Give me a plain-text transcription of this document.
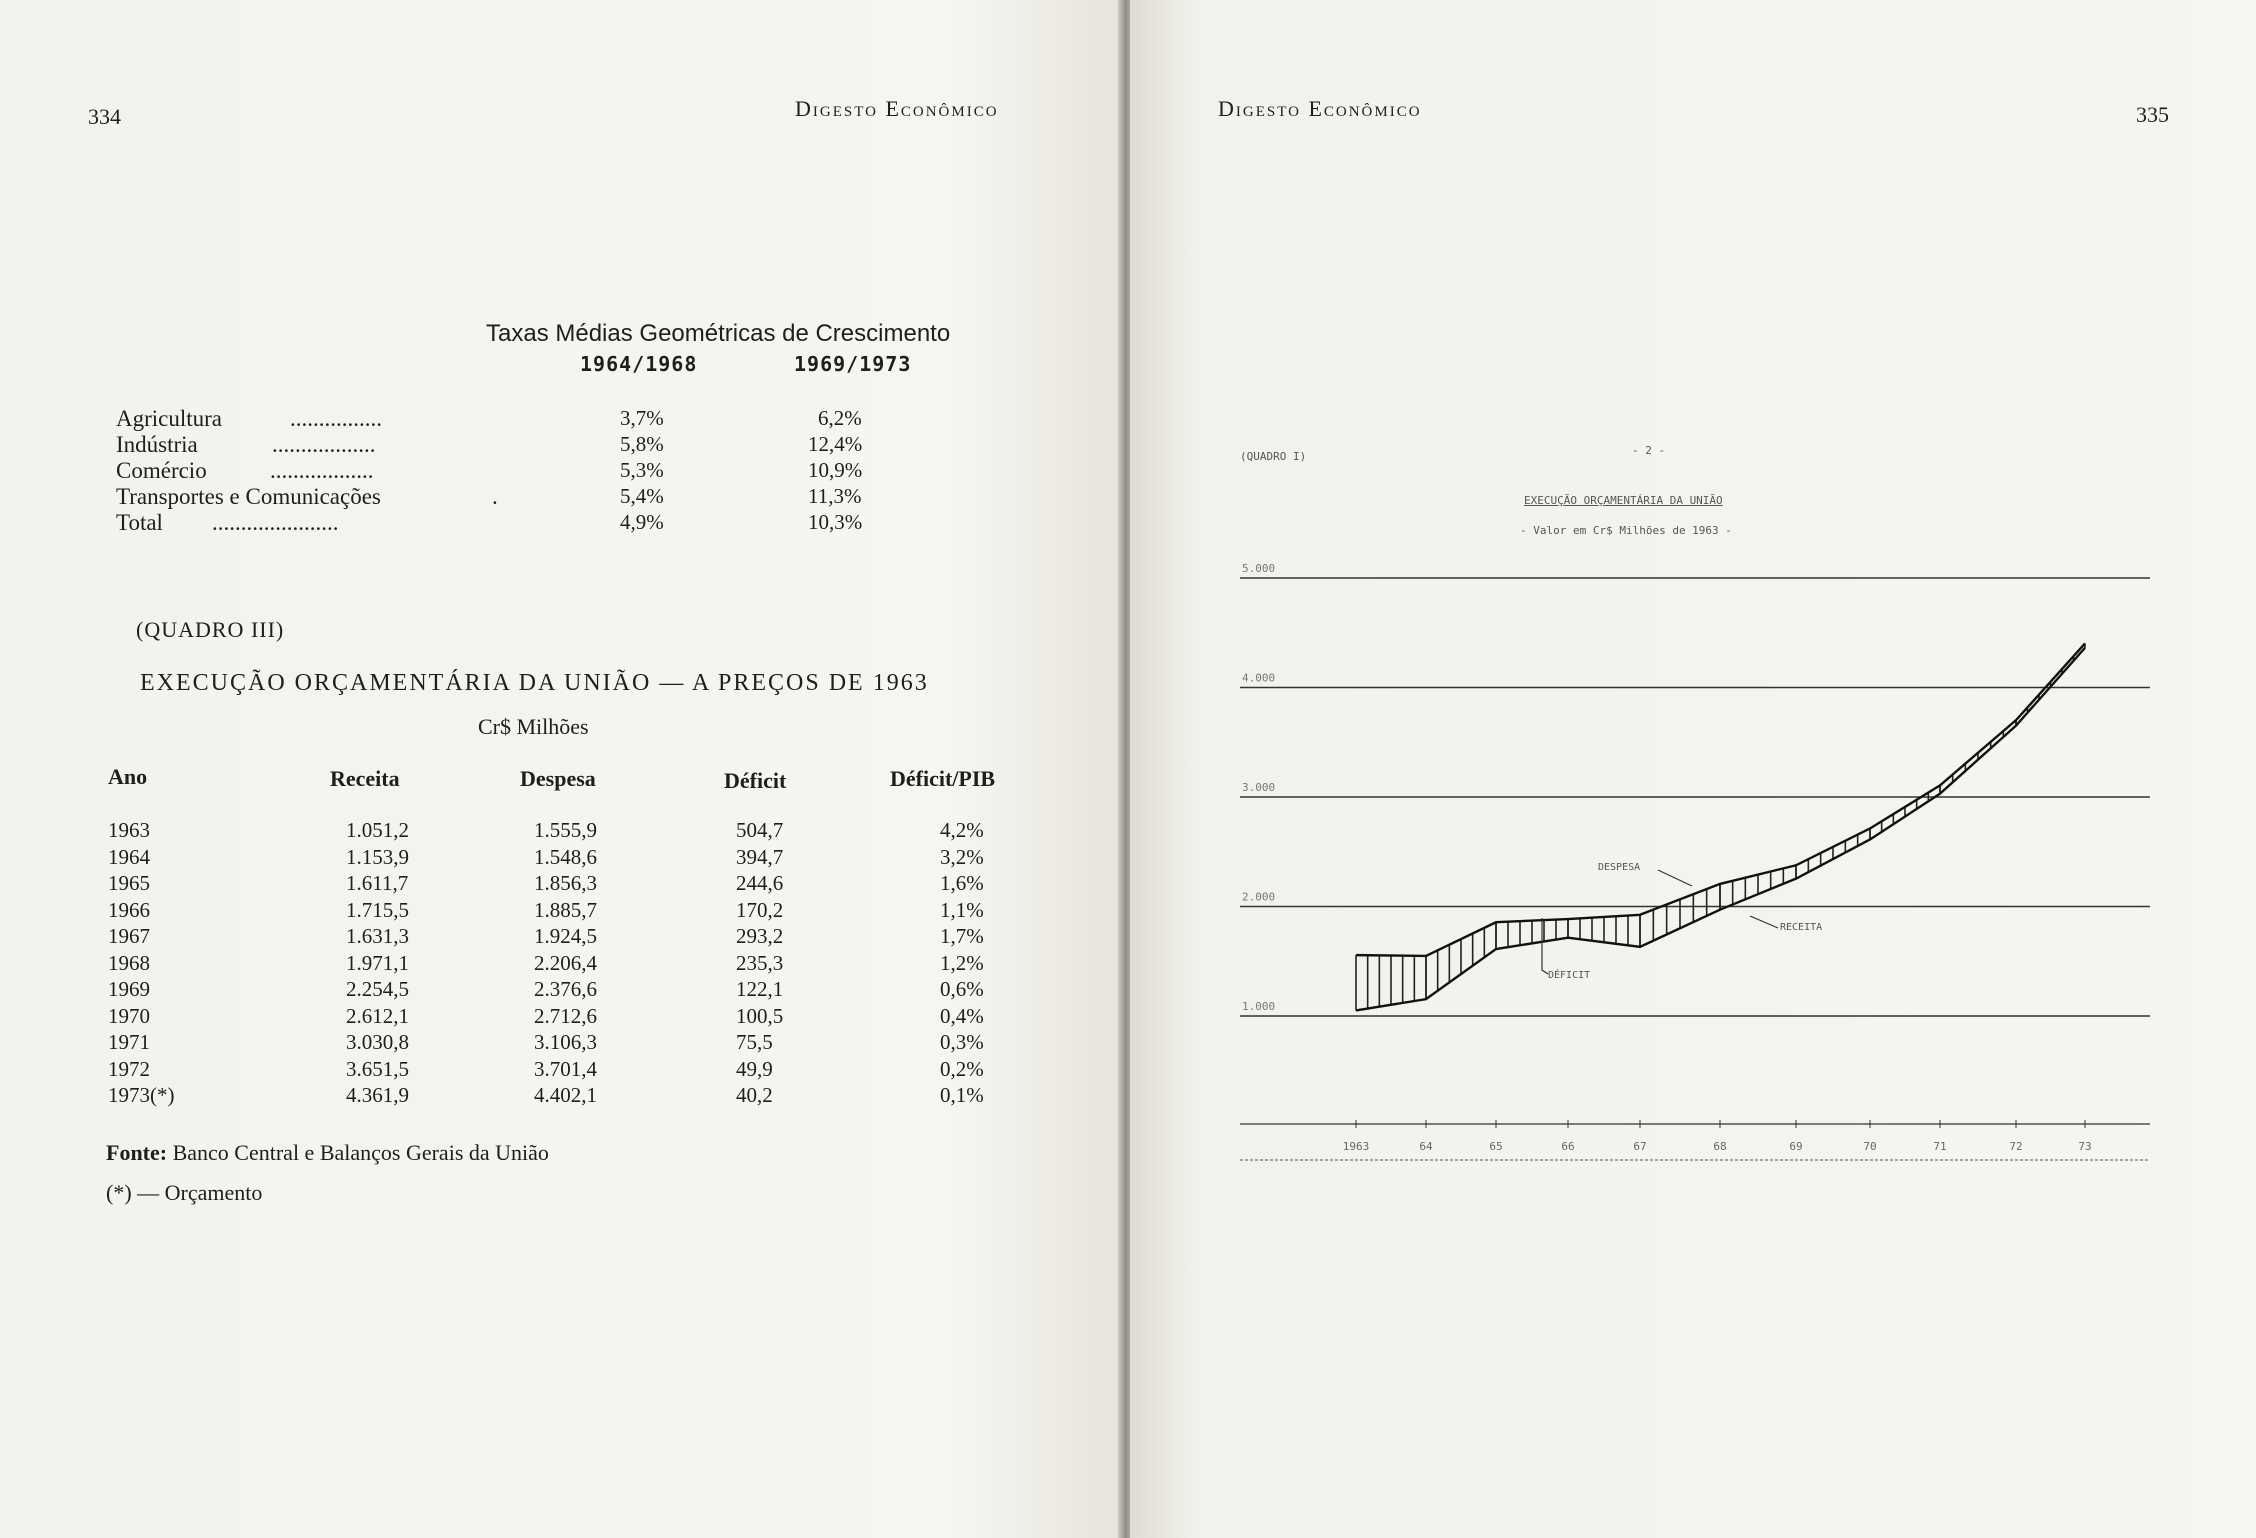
334	Digesto Econômico
Taxas Médias Geométricas de Crescimento
1964/1968	1969/1973
Agricultura	................	3,7%	6,2%
Indústria	..................	5,8%	12,4%
Comércio	..................	5,3%	10,9%
Transportes e Comunicações	.	5,4%	11,3%
Total ......................	4,9%	10,3%
(QUADRO III)
EXECUÇÃO ORÇAMENTÁRIA DA UNIÃO — A PREÇOS DE 1963
Cr$ Milhões
Ano	Receita	Despesa	Déficit	Déficit/PIB
1963	1.051,2	1.555,9	504,7	4,2%
1964	1.153,9	1.548,6	394,7	3,2%
1965	1.611,7	1.856,3	244,6	1,6%
1966	1.715,5	1.885,7	170,2	1,1%
1967	1.631,3	1.924,5	293,2	1,7%
1968	1.971,1	2.206,4	235,3	1,2%
1969	2.254,5	2.376,6	122,1	0,6%
1970	2.612,1	2.712,6	100,5	0,4%
1971	3.030,8	3.106,3	75,5	0,3%
1972	3.651,5	3.701,4	49,9	0,2%
1973(*)	4.361,9	4.402,1	40,2	0,1%
Fonte: Banco Central e Balanços Gerais da União
(*) — Orçamento
Digesto Econômico	335
(QUADRO I)	- 2 -
EXECUÇÃO ORÇAMENTÁRIA DA UNIÃO
- Valor em Cr$ Milhões de 1963 -
1.000
2.000
3.000
4.000
5.000
1963	64	65	66	67	68	69	70	71	72	73
DESPESA
RECEITA
DÉFICIT
